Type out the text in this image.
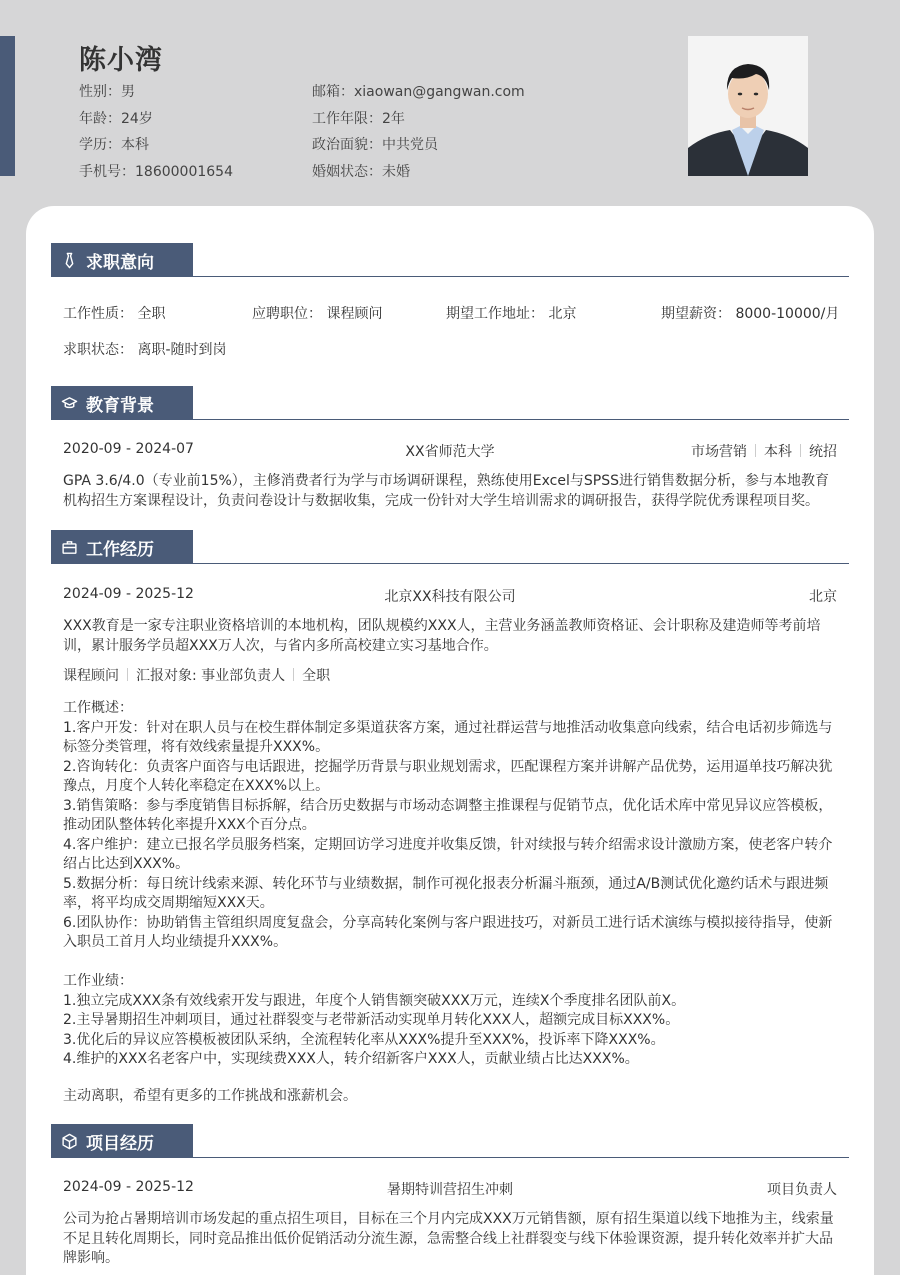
陈小湾
性别：男
年龄：24岁
学历：本科
手机号：18600001654
邮箱：xiaowan@gangwan.com
工作年限：2年
政治面貌：中共党员
婚姻状态：未婚
求职意向
工作性质： 全职	应聘职位： 课程顾问	期望工作地址： 北京	期望薪资： 8000-10000/月
求职状态： 离职-随时到岗
教育背景
2020-09 - 2024-07	XX省师范大学	市场营销 本科 统招
GPA 3.6/4.0（专业前15%），主修消费者行为学与市场调研课程，熟练使用Excel与SPSS进行销售数据分析，参与本地教育机构招生方案课程设计，负责问卷设计与数据收集，完成一份针对大学生培训需求的调研报告，获得学院优秀课程项目奖。
工作经历
2024-09 - 2025-12	北京XX科技有限公司	北京
XXX教育是一家专注职业资格培训的本地机构，团队规模约XXX人，主营业务涵盖教师资格证、会计职称及建造师等考前培训，累计服务学员超XXX万人次，与省内多所高校建立实习基地合作。
课程顾问 汇报对象: 事业部负责人 全职
工作概述：
1.客户开发：针对在职人员与在校生群体制定多渠道获客方案，通过社群运营与地推活动收集意向线索，结合电话初步筛选与标签分类管理，将有效线索量提升XXX%。
2.咨询转化：负责客户面咨与电话跟进，挖掘学历背景与职业规划需求，匹配课程方案并讲解产品优势，运用逼单技巧解决犹豫点，月度个人转化率稳定在XXX%以上。
3.销售策略：参与季度销售目标拆解，结合历史数据与市场动态调整主推课程与促销节点，优化话术库中常见异议应答模板，推动团队整体转化率提升XXX个百分点。
4.客户维护：建立已报名学员服务档案，定期回访学习进度并收集反馈，针对续报与转介绍需求设计激励方案，使老客户转介绍占比达到XXX%。
5.数据分析：每日统计线索来源、转化环节与业绩数据，制作可视化报表分析漏斗瓶颈，通过A/B测试优化邀约话术与跟进频率，将平均成交周期缩短XXX天。
6.团队协作：协助销售主管组织周度复盘会，分享高转化案例与客户跟进技巧，对新员工进行话术演练与模拟接待指导，使新入职员工首月人均业绩提升XXX%。
工作业绩：
1.独立完成XXX条有效线索开发与跟进，年度个人销售额突破XXX万元，连续X个季度排名团队前X。
2.主导暑期招生冲刺项目，通过社群裂变与老带新活动实现单月转化XXX人，超额完成目标XXX%。
3.优化后的异议应答模板被团队采纳，全流程转化率从XXX%提升至XXX%，投诉率下降XXX%。
4.维护的XXX名老客户中，实现续费XXX人，转介绍新客户XXX人，贡献业绩占比达XXX%。
主动离职，希望有更多的工作挑战和涨薪机会。
项目经历
2024-09 - 2025-12	暑期特训营招生冲刺	项目负责人
公司为抢占暑期培训市场发起的重点招生项目，目标在三个月内完成XXX万元销售额，原有招生渠道以线下地推为主，线索量不足且转化周期长，同时竞品推出低价促销活动分流生源，急需整合线上社群裂变与线下体验课资源，提升转化效率并扩大品牌影响。
